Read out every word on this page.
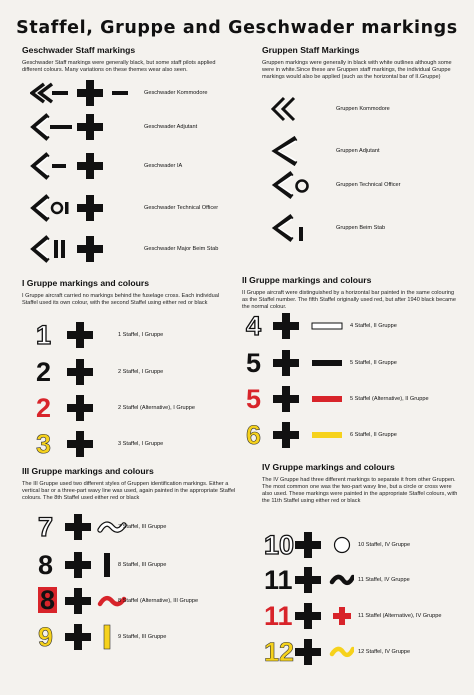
Staffel, Gruppe and Geschwader markings
Geschwader Staff markings
Geschwader Staff markings were generally black, but some staff pilots applied different colours. Many variations on these themes wear also seen.
Geschwader Kommodore
Geschwader Adjutant
Geschwader IA
Geschwader Technical Officer
Geschwader Major Beim Stab
Gruppen Staff Markings
Gruppen markings were generally in black with white outlines although some were in white.Since these are Gruppen staff markings, the individual Gruppe markings would also be applied (such as the horizontal bar of II.Gruppe)
Gruppen Kommodore
Gruppen Adjutant
Gruppen Technical Officer
Gruppen Beim Stab
I Gruppe markings and colours
I Gruppe aircraft carried no markings behind the fuselage cross. Each individual Staffel used its own colour, with the second Staffel using either red or black
1	1 Staffel, I Gruppe
2	2 Staffel, I Gruppe
2	2 Staffel (Alternative), I Gruppe
3	3 Staffel, I Gruppe
II Gruppe markings and colours
II Gruppe aircraft were distinguished by a horizontal bar painted in the same colouring as the Staffel number. The fifth Staffel originally used red, but after 1940 black became the normal colour.
4	4 Staffel, II Gruppe
5	5 Staffel, II Gruppe
5	5 Staffel (Alternative), II Gruppe
6	6 Staffel, II Gruppe
III Gruppe markings and colours
The III Gruppe used two different styles of Gruppen identification markings. Either a vertical bar or a three-part wavy line was used, again painted in the appropriate Staffel colours. The 8th Staffel used either red or black
7	7 Staffel, III Gruppe
8	8 Staffel, III Gruppe
8	8 Staffel (Alternative), III Gruppe
9	9 Staffel, III Gruppe
IV Gruppe markings and colours
The IV Gruppe had three different markings to separate it from other Gruppen. The most common one was the two-part wavy line, but a circle or cross were also used. These markings were painted in the appropriate Staffel colours, with the 11th Staffel using either red or black
10	10 Staffel, IV Gruppe
11	11 Staffel, IV Gruppe
11	11 Staffel (Alternative), IV Gruppe
12	12 Staffel, IV Gruppe
